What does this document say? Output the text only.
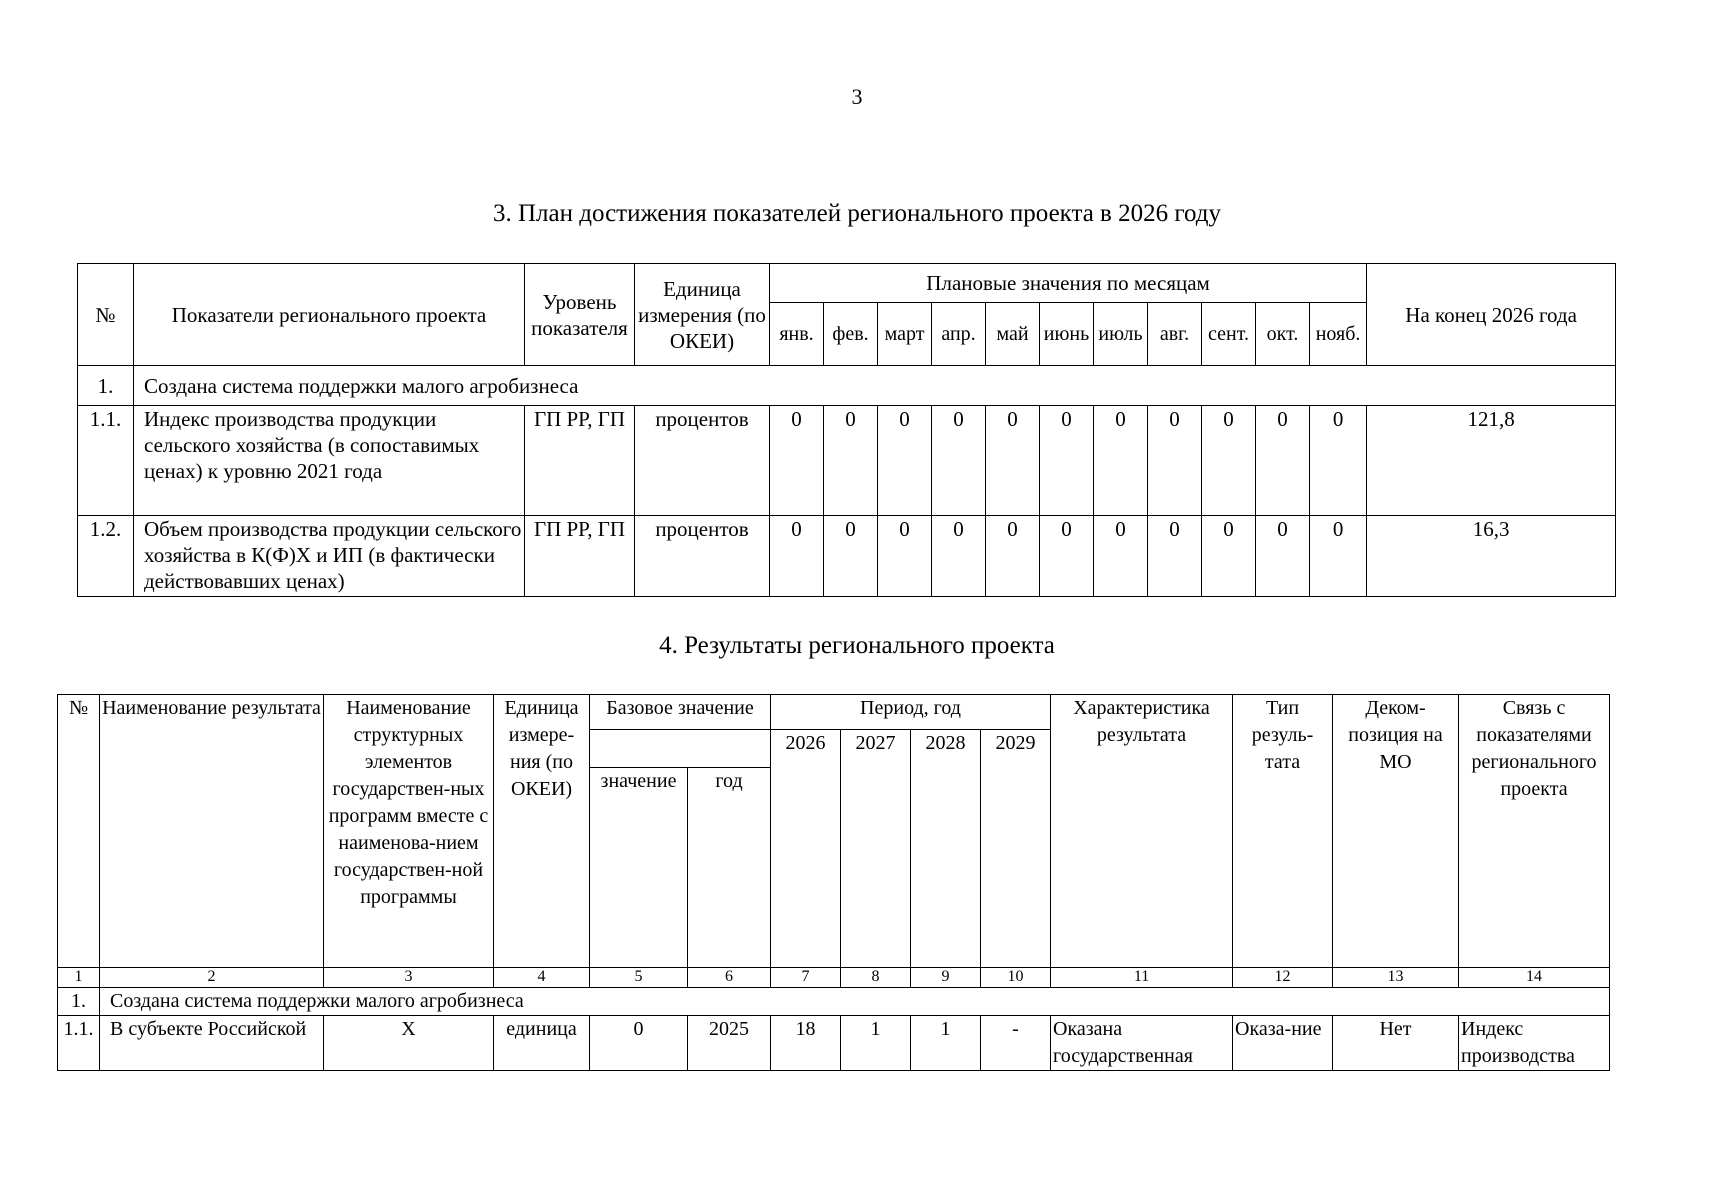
3
3. План достижения показателей регионального проекта в 2026 году
№	Показатели регионального проекта	Уровень показателя	Единица измерения (по ОКЕИ)	Плановые значения по месяцам											На конец 2026 года
				янв.	фев.	март	апр.	май	июнь	июль	авг.	сент.	окт.	нояб.	
1.	Создана система поддержки малого агробизнеса														
1.1.	Индекс производства продукции сельского хозяйства (в сопоставимых ценах) к уровню 2021 года	ГП РР, ГП	процентов	0	0	0	0	0	0	0	0	0	0	0	121,8
1.2.	Объем производства продукции сельского хозяйства в К(Ф)Х и ИП (в фактически действовавших ценах)	ГП РР, ГП	процентов	0	0	0	0	0	0	0	0	0	0	0	16,3
4. Результаты регионального проекта
№	Наименование результата	Наименование структурных элементов государствен-ных программ вместе с наименова-нием государствен-ной программы	Единица измере-ния (по ОКЕИ)	Базовое значение		Период, год				Характеристика результата	Тип резуль-тата	Деком-позиция на МО	Связь с показателями регионального проекта
						2026	2027	2028	2029				
				значение	год								
1	2	3	4	5	6	7	8	9	10	11	12	13	14
1.	Создана система поддержки малого агробизнеса												
1.1.	В субъекте Российской	Х	единица	0	2025	18	1	1	-	Оказана государственная	Оказа-ние	Нет	Индекс производства
